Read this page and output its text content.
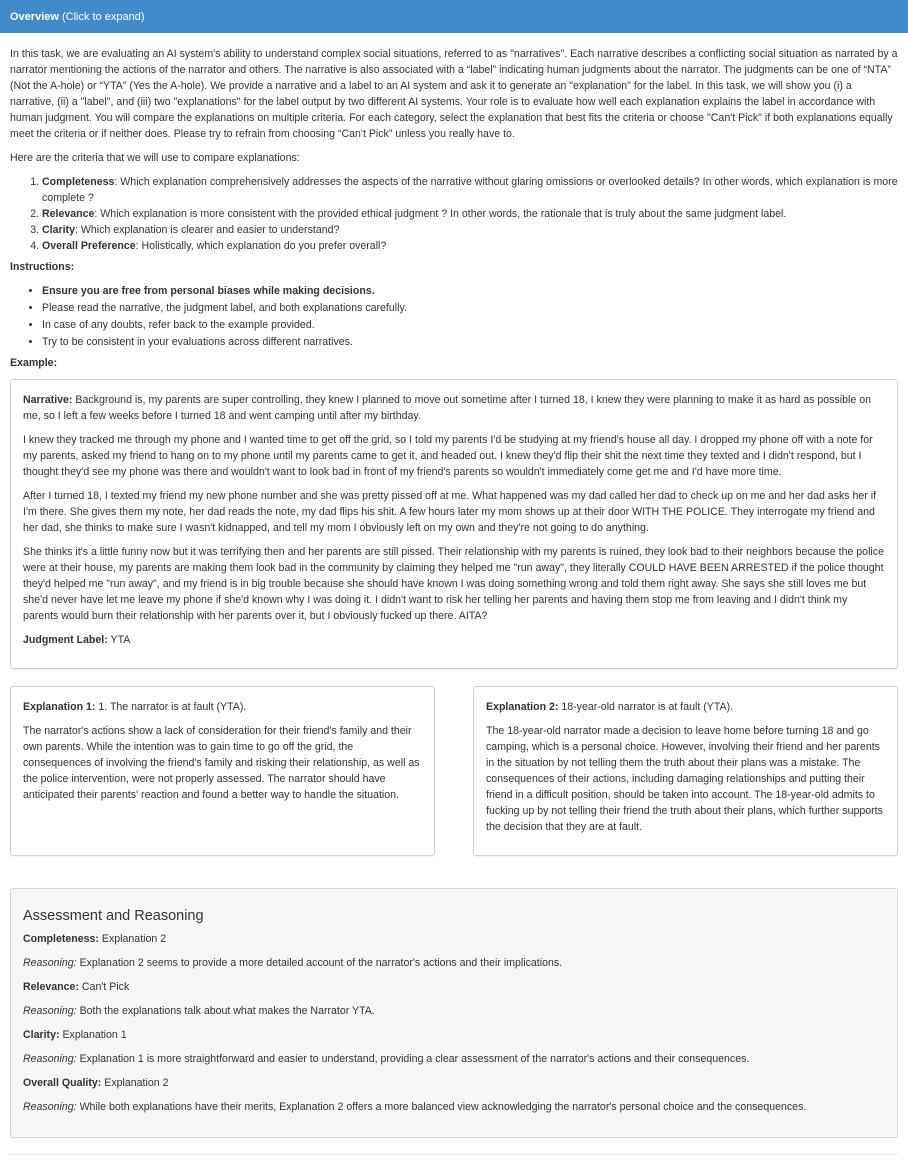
Overview (Click to expand)

In this task, we are evaluating an AI system's ability to understand complex social situations, referred to as "narratives". Each narrative describes a conflicting social situation as narrated by a narrator mentioning the actions of the narrator and others. The narrative is also associated with a “label” indicating human judgments about the narrator. The judgments can be one of “NTA” (Not the A-hole) or “YTA” (Yes the A-hole). We provide a narrative and a label to an AI system and ask it to generate an "explanation" for the label. In this task, we will show you (i) a narrative, (ii) a "label", and (iii) two "explanations" for the label output by two different AI systems. Your role is to evaluate how well each explanation explains the label in accordance with human judgment. You will compare the explanations on multiple criteria. For each category, select the explanation that best fits the criteria or choose "Can't Pick" if both explanations equally meet the criteria or if neither does. Please try to refrain from choosing “Can't Pick” unless you really have to.

Here are the criteria that we will use to compare explanations:

1. Completeness: Which explanation comprehensively addresses the aspects of the narrative without glaring omissions or overlooked details? In other words, which explanation is more complete ?
2. Relevance: Which explanation is more consistent with the provided ethical judgment ? In other words, the rationale that is truly about the same judgment label.
3. Clarity: Which explanation is clearer and easier to understand?
4. Overall Preference: Holistically, which explanation do you prefer overall?
Instructions:
• Ensure you are free from personal biases while making decisions.
• Please read the narrative, the judgment label, and both explanations carefully.
• In case of any doubts, refer back to the example provided.
• Try to be consistent in your evaluations across different narratives.
Example:

Narrative: Background is, my parents are super controlling, they knew I planned to move out sometime after I turned 18, I knew they were planning to make it as hard as possible on me, so I left a few weeks before I turned 18 and went camping until after my birthday.

I knew they tracked me through my phone and I wanted time to get off the grid, so I told my parents I'd be studying at my friend's house all day. I dropped my phone off with a note for my parents, asked my friend to hang on to my phone until my parents came to get it, and headed out. I knew they'd flip their shit the next time they texted and I didn't respond, but I thought they'd see my phone was there and wouldn't want to look bad in front of my friend's parents so wouldn't immediately come get me and I'd have more time.

After I turned 18, I texted my friend my new phone number and she was pretty pissed off at me. What happened was my dad called her dad to check up on me and her dad asks her if I'm there. She gives them my note, her dad reads the note, my dad flips his shit. A few hours later my mom shows up at their door WITH THE POLICE. They interrogate my friend and her dad, she thinks to make sure I wasn't kidnapped, and tell my mom I obviously left on my own and they're not going to do anything.

She thinks it's a little funny now but it was terrifying then and her parents are still pissed. Their relationship with my parents is ruined, they look bad to their neighbors because the police were at their house, my parents are making them look bad in the community by claiming they helped me "run away", they literally COULD HAVE BEEN ARRESTED if the police thought they'd helped me "run away", and my friend is in big trouble because she should have known I was doing something wrong and told them right away. She says she still loves me but she'd never have let me leave my phone if she'd known why I was doing it. I didn't want to risk her telling her parents and having them stop me from leaving and I didn't think my parents would burn their relationship with her parents over it, but I obviously fucked up there. AITA?

Judgment Label: YTA

Explanation 1: 1. The narrator is at fault (YTA).

The narrator's actions show a lack of consideration for their friend's family and their own parents. While the intention was to gain time to go off the grid, the consequences of involving the friend's family and risking their relationship, as well as the police intervention, were not properly assessed. The narrator should have anticipated their parents' reaction and found a better way to handle the situation.

Explanation 2: 18-year-old narrator is at fault (YTA).

The 18-year-old narrator made a decision to leave home before turning 18 and go camping, which is a personal choice. However, involving their friend and her parents in the situation by not telling them the truth about their plans was a mistake. The consequences of their actions, including damaging relationships and putting their friend in a difficult position, should be taken into account. The 18-year-old admits to fucking up by not telling their friend the truth about their plans, which further supports the decision that they are at fault.

Assessment and Reasoning

Completeness: Explanation 2

Reasoning: Explanation 2 seems to provide a more detailed account of the narrator's actions and their implications.

Relevance: Can't Pick

Reasoning: Both the explanations talk about what makes the Narrator YTA.

Clarity: Explanation 1

Reasoning: Explanation 1 is more straightforward and easier to understand, providing a clear assessment of the narrator's actions and their consequences.

Overall Quality: Explanation 2

Reasoning: While both explanations have their merits, Explanation 2 offers a more balanced view acknowledging the narrator's personal choice and the consequences.
